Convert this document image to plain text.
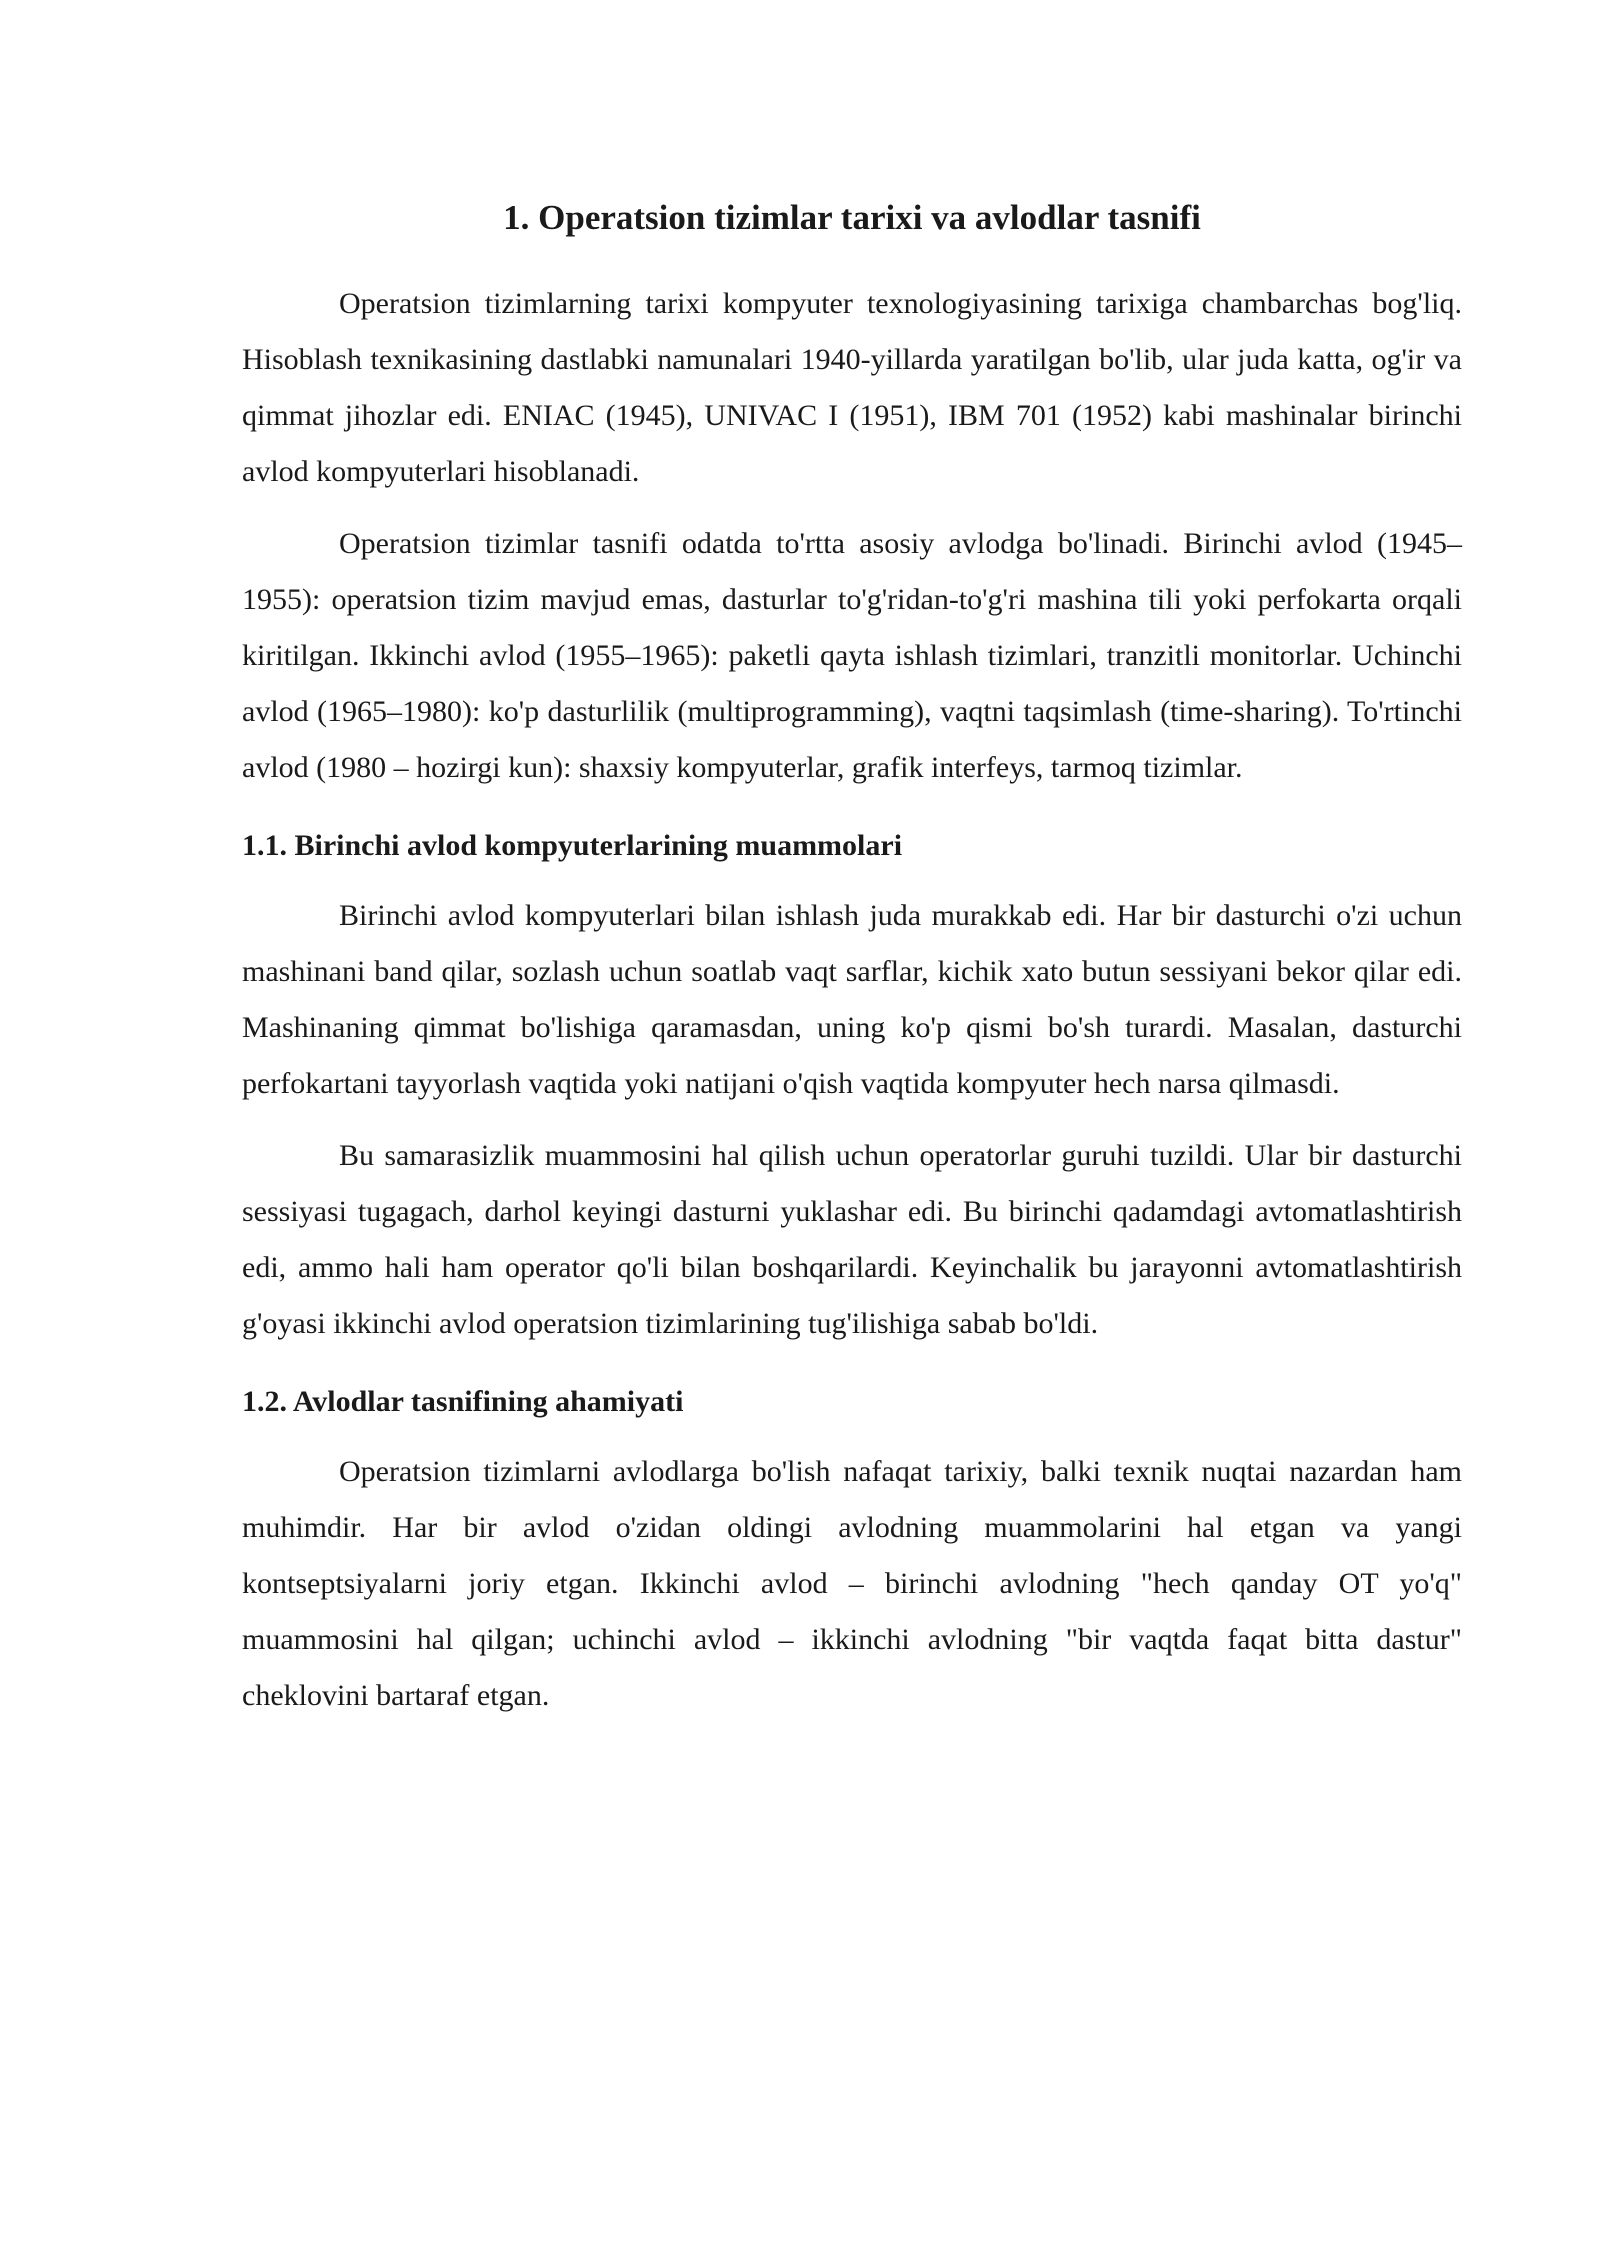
1. Operatsion tizimlar tarixi va avlodlar tasnifi

Operatsion tizimlarning tarixi kompyuter texnologiyasining tarixiga chambarchas bog'liq. Hisoblash texnikasining dastlabki namunalari 1940-yillarda yaratilgan bo'lib, ular juda katta, og'ir va qimmat jihozlar edi. ENIAC (1945), UNIVAC I (1951), IBM 701 (1952) kabi mashinalar birinchi avlod kompyuterlari hisoblanadi.

Operatsion tizimlar tasnifi odatda to'rtta asosiy avlodga bo'linadi. Birinchi avlod (1945–1955): operatsion tizim mavjud emas, dasturlar to'g'ridan-to'g'ri mashina tili yoki perfokarta orqali kiritilgan. Ikkinchi avlod (1955–1965): paketli qayta ishlash tizimlari, tranzitli monitorlar. Uchinchi avlod (1965–1980): ko'p dasturlilik (multiprogramming), vaqtni taqsimlash (time-sharing). To'rtinchi avlod (1980 – hozirgi kun): shaxsiy kompyuterlar, grafik interfeys, tarmoq tizimlar.

1.1. Birinchi avlod kompyuterlarining muammolari

Birinchi avlod kompyuterlari bilan ishlash juda murakkab edi. Har bir dasturchi o'zi uchun mashinani band qilar, sozlash uchun soatlab vaqt sarflar, kichik xato butun sessiyani bekor qilar edi. Mashinaning qimmat bo'lishiga qaramasdan, uning ko'p qismi bo'sh turardi. Masalan, dasturchi perfokartani tayyorlash vaqtida yoki natijani o'qish vaqtida kompyuter hech narsa qilmasdi.

Bu samarasizlik muammosini hal qilish uchun operatorlar guruhi tuzildi. Ular bir dasturchi sessiyasi tugagach, darhol keyingi dasturni yuklashar edi. Bu birinchi qadamdagi avtomatlashtirish edi, ammo hali ham operator qo'li bilan boshqarilardi. Keyinchalik bu jarayonni avtomatlashtirish g'oyasi ikkinchi avlod operatsion tizimlarining tug'ilishiga sabab bo'ldi.

1.2. Avlodlar tasnifining ahamiyati

Operatsion tizimlarni avlodlarga bo'lish nafaqat tarixiy, balki texnik nuqtai nazardan ham muhimdir. Har bir avlod o'zidan oldingi avlodning muammolarini hal etgan va yangi kontseptsiyalarni joriy etgan. Ikkinchi avlod – birinchi avlodning "hech qanday OT yo'q" muammosini hal qilgan; uchinchi avlod – ikkinchi avlodning "bir vaqtda faqat bitta dastur" cheklovini bartaraf etgan.
